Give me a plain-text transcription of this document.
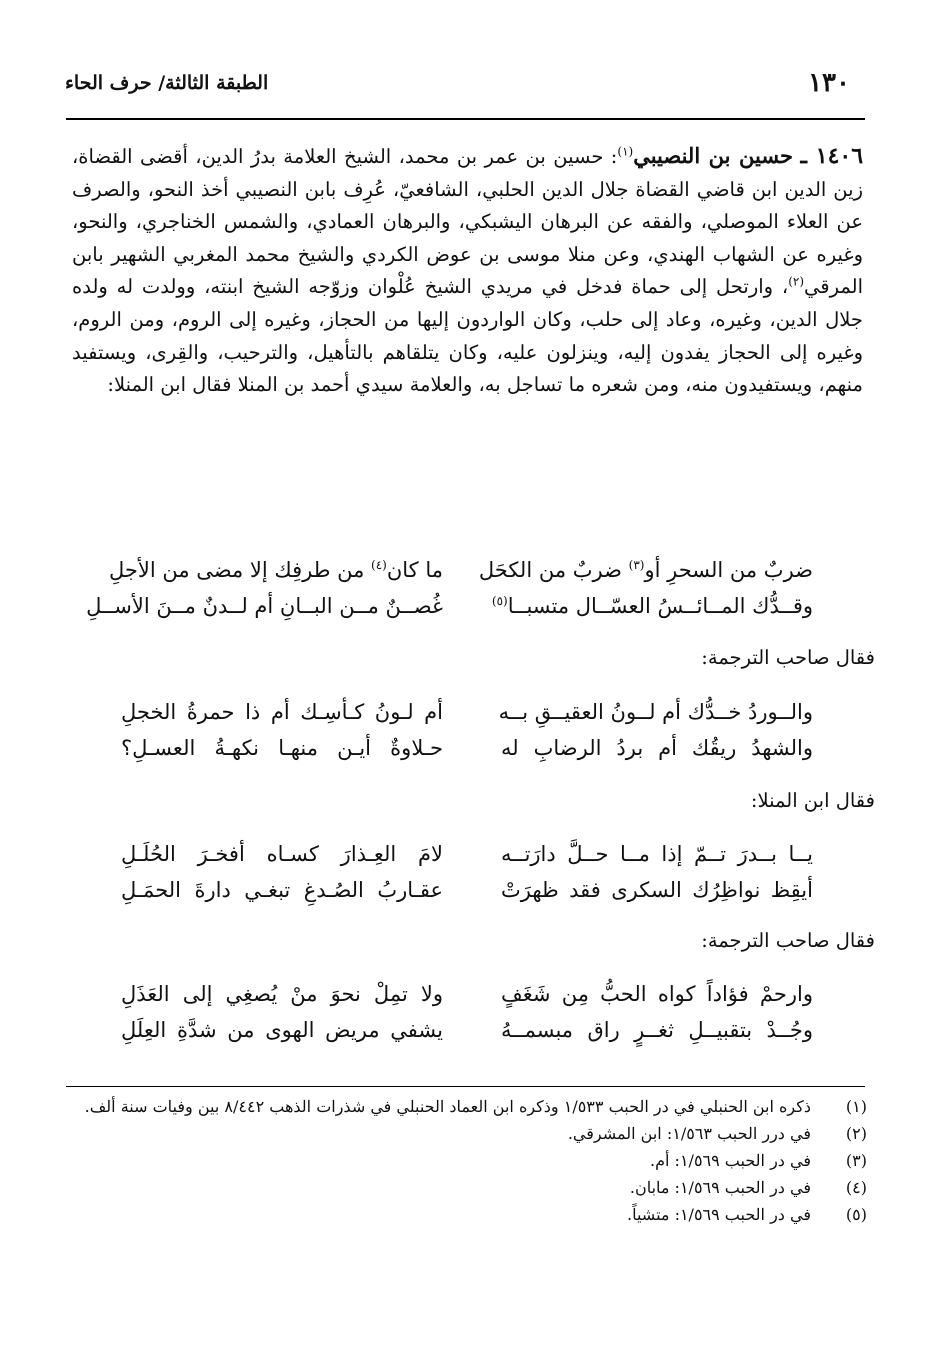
١٣٠
الطبقة الثالثة/ حرف الحاء
١٤٠٦ ـ حسين بن النصيبي$^{(١)}$: حسين بن عمر بن محمد، الشيخ العلامة بدرُ الدين، أقضى القضاة، زين الدين ابن قاضي القضاة جلال الدين الحلبي، الشافعيّ، عُرِف بابن النصيبي أخذ النحو، والصرف عن العلاء الموصلي، والفقه عن البرهان اليشبكي، والبرهان العمادي، والشمس الخناجري، والنحو، وغيره عن الشهاب الهندي، وعن منلا موسى بن عوض الكردي والشيخ محمد المغربي الشهير بابن المرقي$^{(٢)}$، وارتحل إلى حماة فدخل في مريدي الشيخ عُلْوان وزوّجه الشيخ ابنته، وولدت له ولده جلال الدين، وغيره، وعاد إلى حلب، وكان الواردون إليها من الحجاز، وغيره إلى الروم، ومن الروم، وغيره إلى الحجاز يفدون إليه، وينزلون عليه، وكان يتلقاهم بالتأهيل، والترحيب، والقِرى، ويستفيد منهم، ويستفيدون منه، ومن شعره ما تساجل به، والعلامة سيدي أحمد بن المنلا فقال ابن المنلا:
ضربٌ من السحرِ أو$^{(٣)}$ ضربٌ من الكحَل
ما كان$^{(٤)}$ من طرفِك إلا مضى من الأجلِ
وقــدُّك المــائــسُ العسّــال متسبــا$^{(٥)}$
غُصــنٌ مــن البــانِ أم لــدنٌ مــنَ الأســلِ
فقال صاحب الترجمة:
والــوردُ خــدُّك أم لــونُ العقيــقِ بــه
أم لـونُ كـأسِـك أم ذا حمرةُ الخجلِ
والشهدُ ريقُك أم بردُ الرضابِ له
حـلاوةٌ أيـن منهـا نكهـةُ العسـلِ؟
فقال ابن المنلا:
يــا بــدرَ تــمّ إذا مــا حــلَّ دارَتــه
لامَ العِـذارَ كسـاه أفخـرَ الحُلَـلِ
أيقِظ نواظِرُك السكرى فقد ظهرَتْ
عقـاربُ الصُـدغِ تبغـي دارةَ الحمَـلِ
فقال صاحب الترجمة:
وارحمْ فؤاداً كواه الحبُّ مِن شَغَفٍ
ولا تمِلْ نحوَ منْ يُصغِي إلى العَذَلِ
وجُــدْ بتقبيــلِ ثغــرٍ راق مبسمــهُ
يشفي مريض الهوى من شدَّةِ العِلَلِ
(١)
ذكره ابن الحنبلي في در الحبب ١/٥٣٣ وذكره ابن العماد الحنبلي في شذرات الذهب ٨/٤٤٢ بين وفيات سنة ألف.
(٢)
في درر الحبب ١/٥٦٣: ابن المشرقي.
(٣)
في در الحبب ١/٥٦٩: أم.
(٤)
في در الحبب ١/٥٦٩: مابان.
(٥)
في در الحبب ١/٥٦٩: متشياً.
